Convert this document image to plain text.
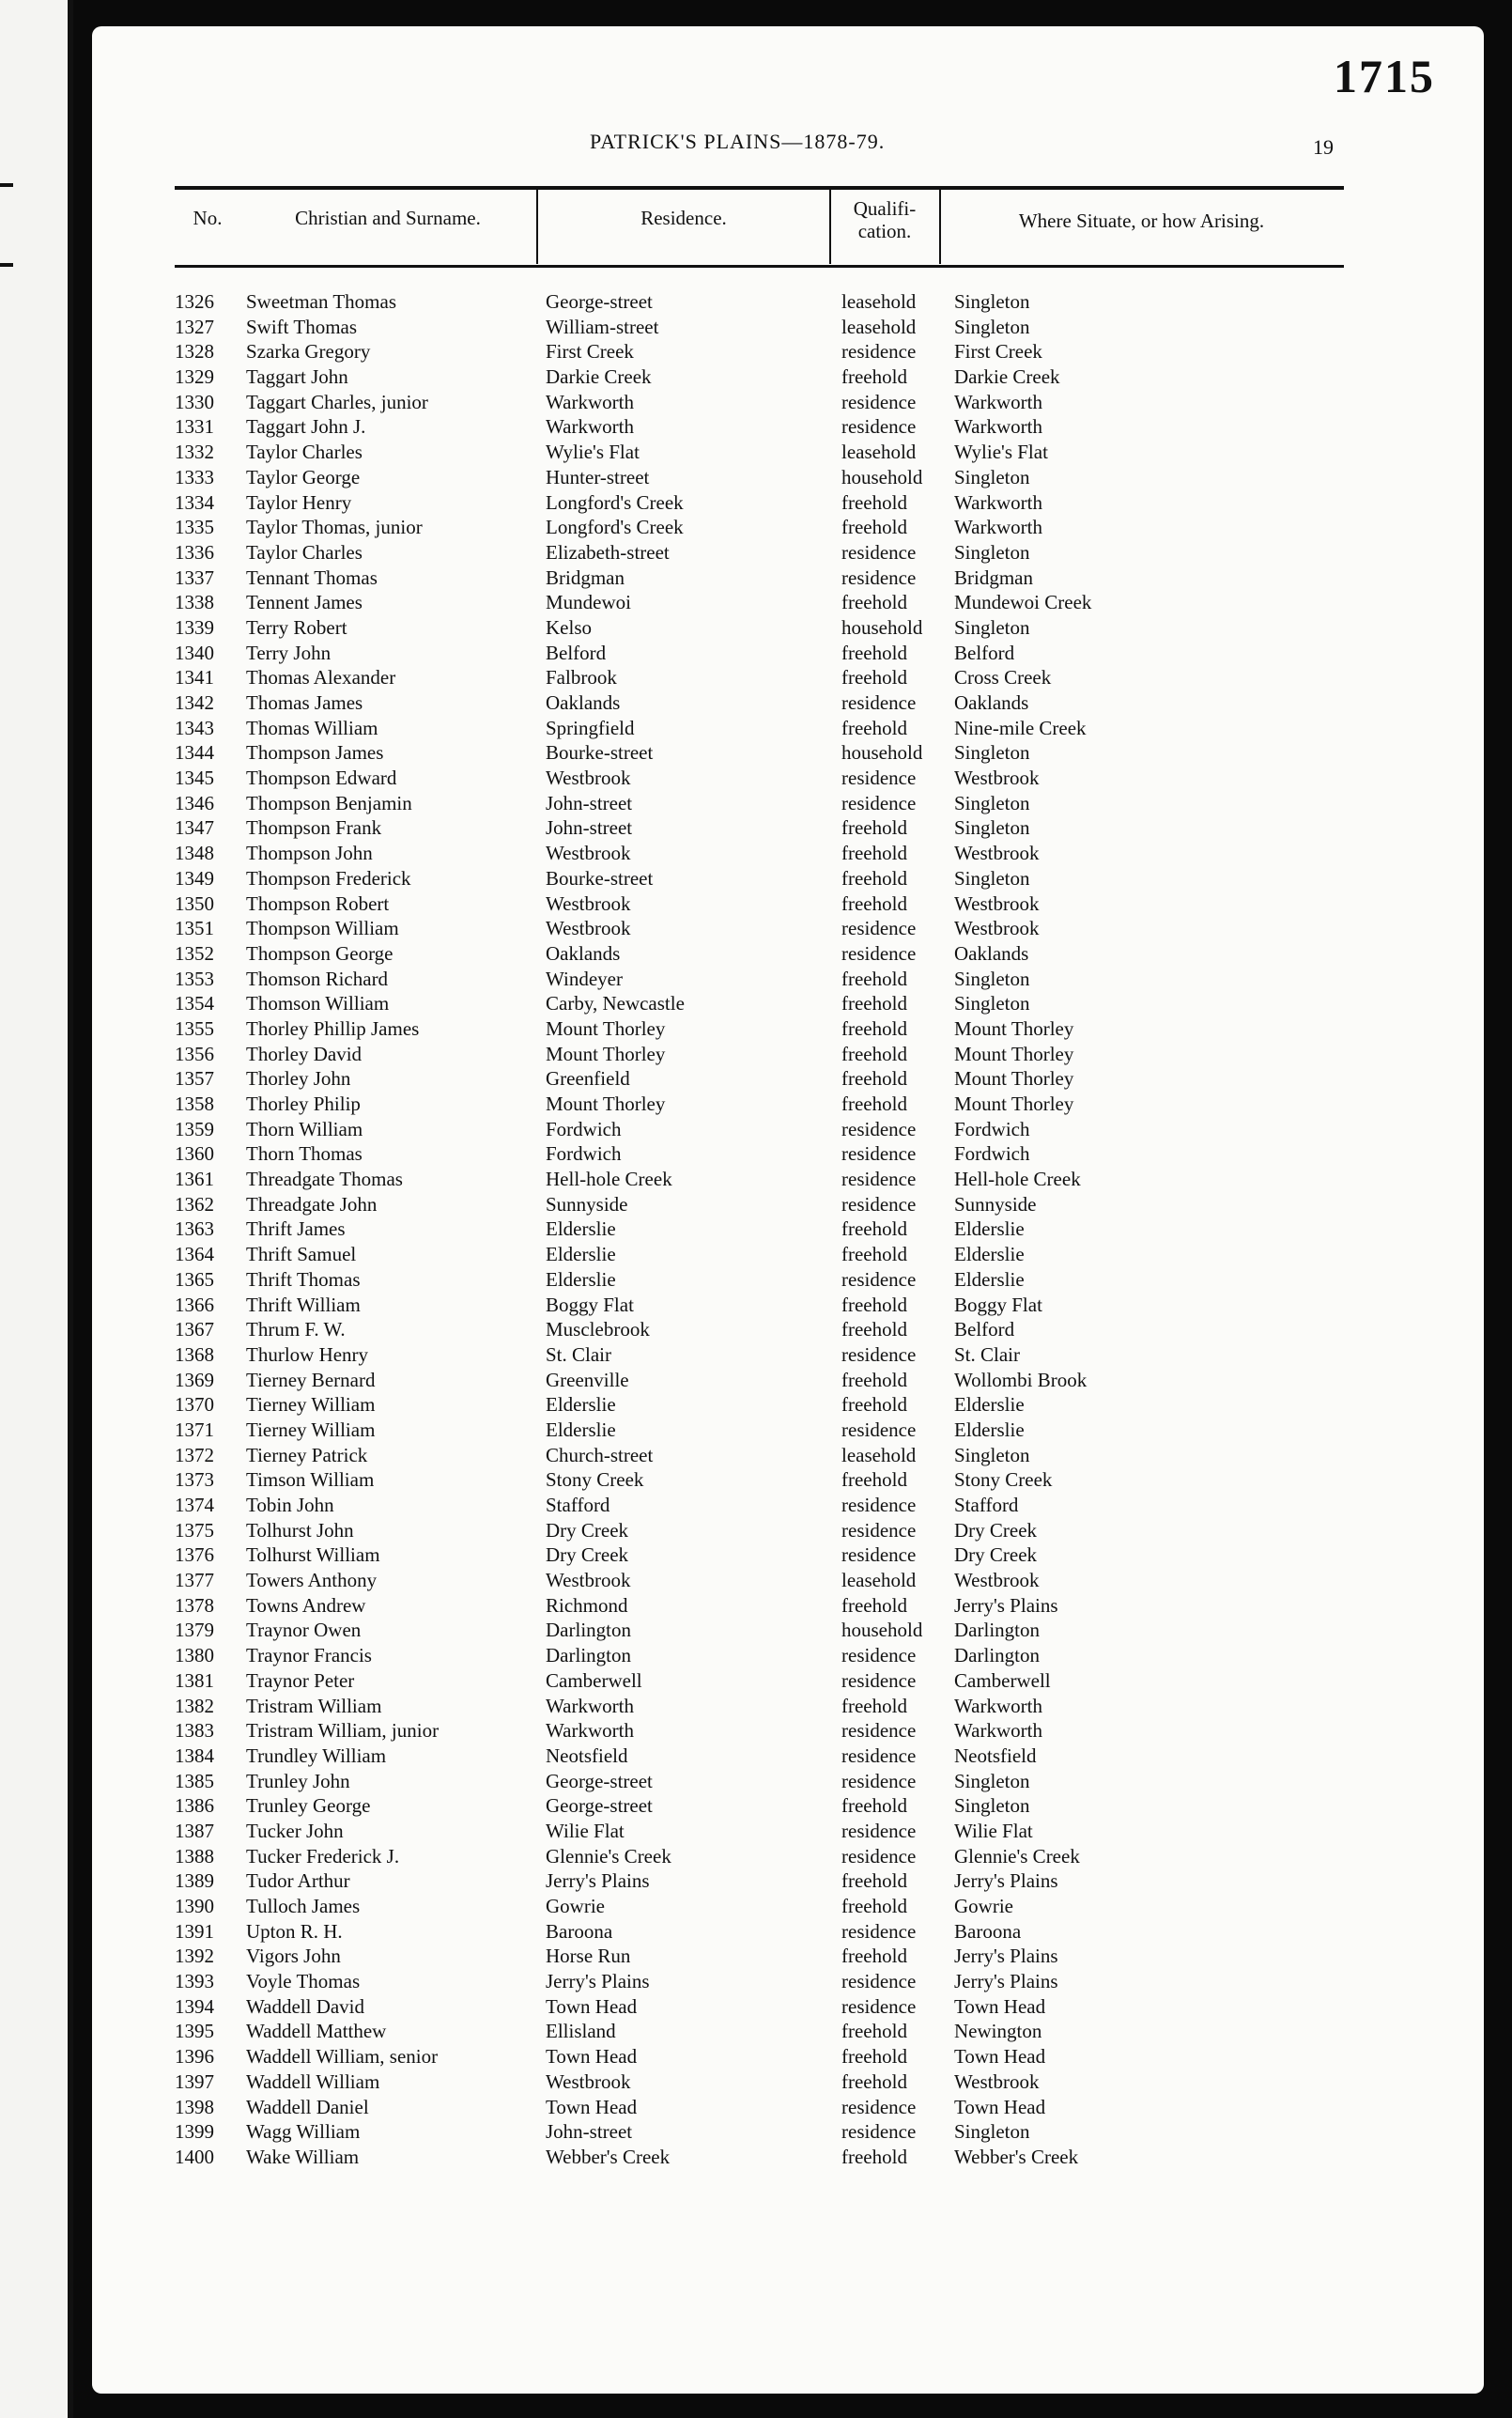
1715
PATRICK'S PLAINS—1878-79.	19
No.	Christian and Surname.	Residence.	Qualifi-
cation.	Where Situate, or how Arising.
1326	Sweetman Thomas	George-street	leasehold Singleton
1327	Swift Thomas	William-street	leasehold Singleton
1328	Szarka Gregory	First Creek	residence First Creek
1329	Taggart John	Darkie Creek	freehold Darkie Creek
1330	Taggart Charles, junior	Warkworth	residence Warkworth
1331	Taggart John J.	Warkworth	residence Warkworth
1332	Taylor Charles	Wylie's Flat	leasehold Wylie's Flat
1333	Taylor George	Hunter-street	household Singleton
1334	Taylor Henry	Longford's Creek	freehold Warkworth
1335	Taylor Thomas, junior	Longford's Creek	freehold Warkworth
1336	Taylor Charles	Elizabeth-street	residence Singleton
1337	Tennant Thomas	Bridgman	residence Bridgman
1338	Tennent James	Mundewoi	freehold Mundewoi Creek
1339	Terry Robert	Kelso	household Singleton
1340	Terry John	Belford	freehold Belford
1341	Thomas Alexander	Falbrook	freehold Cross Creek
1342	Thomas James	Oaklands	residence Oaklands
1343	Thomas William	Springfield	freehold Nine-mile Creek
1344	Thompson James	Bourke-street	household Singleton
1345	Thompson Edward	Westbrook	residence Westbrook
1346	Thompson Benjamin	John-street	residence Singleton
1347	Thompson Frank	John-street	freehold Singleton
1348	Thompson John	Westbrook	freehold Westbrook
1349	Thompson Frederick	Bourke-street	freehold Singleton
1350	Thompson Robert	Westbrook	freehold Westbrook
1351	Thompson William	Westbrook	residence Westbrook
1352	Thompson George	Oaklands	residence Oaklands
1353	Thomson Richard	Windeyer	freehold Singleton
1354	Thomson William	Carby, Newcastle	freehold Singleton
1355	Thorley Phillip James	Mount Thorley	freehold Mount Thorley
1356	Thorley David	Mount Thorley	freehold Mount Thorley
1357	Thorley John	Greenfield	freehold Mount Thorley
1358	Thorley Philip	Mount Thorley	freehold Mount Thorley
1359	Thorn William	Fordwich	residence Fordwich
1360	Thorn Thomas	Fordwich	residence Fordwich
1361	Threadgate Thomas	Hell-hole Creek	residence Hell-hole Creek
1362	Threadgate John	Sunnyside	residence Sunnyside
1363	Thrift James	Elderslie	freehold Elderslie
1364	Thrift Samuel	Elderslie	freehold Elderslie
1365	Thrift Thomas	Elderslie	residence Elderslie
1366	Thrift William	Boggy Flat	freehold Boggy Flat
1367	Thrum F. W.	Musclebrook	freehold Belford
1368	Thurlow Henry	St. Clair	residence St. Clair
1369	Tierney Bernard	Greenville	freehold Wollombi Brook
1370	Tierney William	Elderslie	freehold Elderslie
1371	Tierney William	Elderslie	residence Elderslie
1372	Tierney Patrick	Church-street	leasehold Singleton
1373	Timson William	Stony Creek	freehold Stony Creek
1374	Tobin John	Stafford	residence Stafford
1375	Tolhurst John	Dry Creek	residence Dry Creek
1376	Tolhurst William	Dry Creek	residence Dry Creek
1377	Towers Anthony	Westbrook	leasehold Westbrook
1378	Towns Andrew	Richmond	freehold Jerry's Plains
1379	Traynor Owen	Darlington	household Darlington
1380	Traynor Francis	Darlington	residence Darlington
1381	Traynor Peter	Camberwell	residence Camberwell
1382	Tristram William	Warkworth	freehold Warkworth
1383	Tristram William, junior	Warkworth	residence Warkworth
1384	Trundley William	Neotsfield	residence Neotsfield
1385	Trunley John	George-street	residence Singleton
1386	Trunley George	George-street	freehold Singleton
1387	Tucker John	Wilie Flat	residence Wilie Flat
1388	Tucker Frederick J.	Glennie's Creek	residence Glennie's Creek
1389	Tudor Arthur	Jerry's Plains	freehold Jerry's Plains
1390	Tulloch James	Gowrie	freehold Gowrie
1391	Upton R. H.	Baroona	residence Baroona
1392	Vigors John	Horse Run	freehold Jerry's Plains
1393	Voyle Thomas	Jerry's Plains	residence Jerry's Plains
1394	Waddell David	Town Head	residence Town Head
1395	Waddell Matthew	Ellisland	freehold Newington
1396	Waddell William, senior	Town Head	freehold Town Head
1397	Waddell William	Westbrook	freehold Westbrook
1398	Waddell Daniel	Town Head	residence Town Head
1399	Wagg William	John-street	residence Singleton
1400	Wake William	Webber's Creek	freehold Webber's Creek
